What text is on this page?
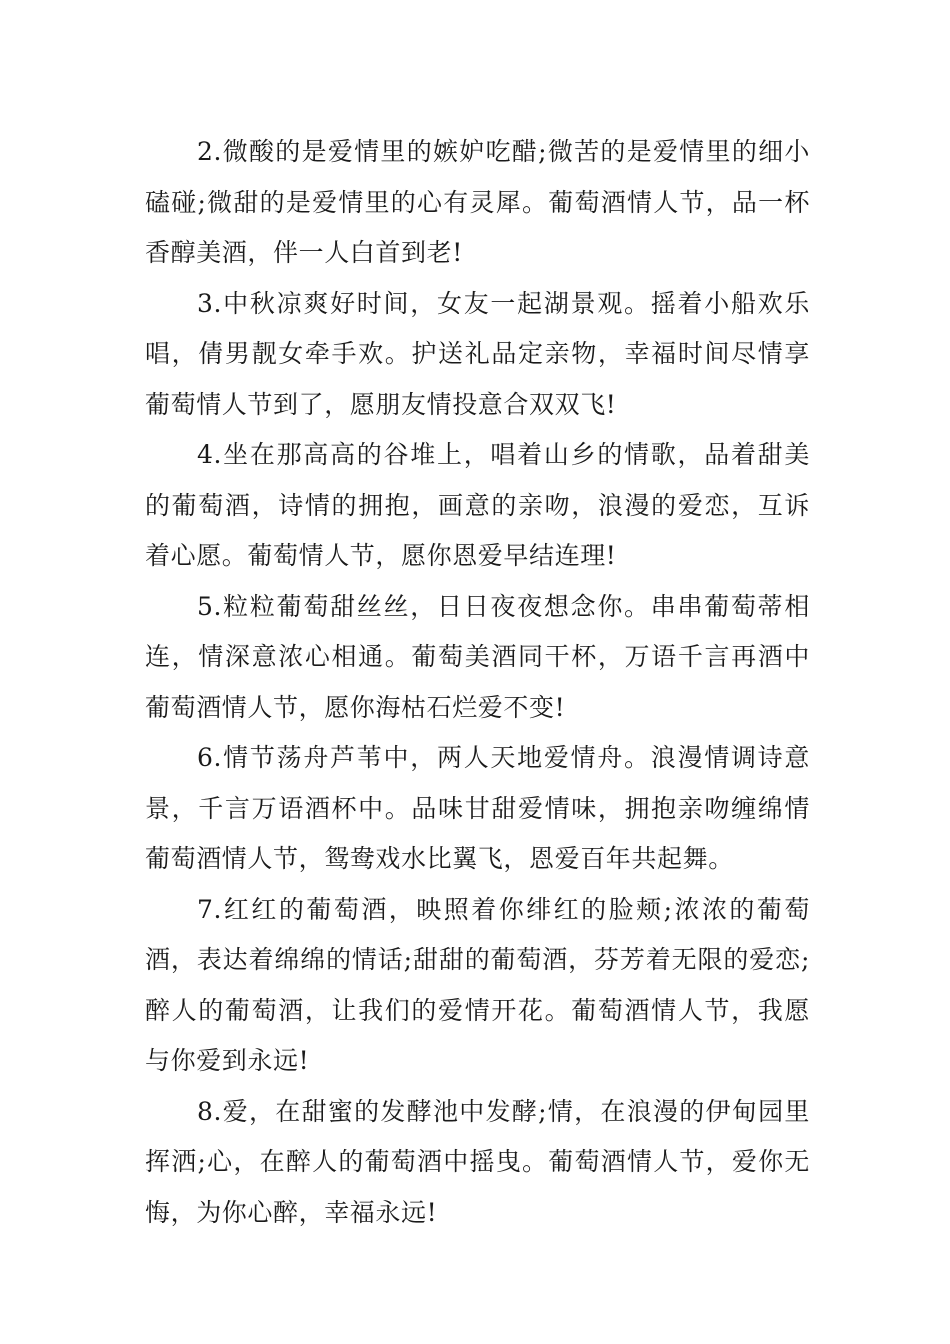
2.微酸的是爱情里的嫉妒吃醋;微苦的是爱情里的细小磕碰;微甜的是爱情里的心有灵犀。葡萄酒情人节，品一杯香醇美酒，伴一人白首到老!

3.中秋凉爽好时间，女友一起湖景观。摇着小船欢乐唱，倩男靓女牵手欢。护送礼品定亲物，幸福时间尽情享葡萄情人节到了，愿朋友情投意合双双飞!

4.坐在那高高的谷堆上，唱着山乡的情歌，品着甜美的葡萄酒，诗情的拥抱，画意的亲吻，浪漫的爱恋，互诉着心愿。葡萄情人节，愿你恩爱早结连理!

5.粒粒葡萄甜丝丝，日日夜夜想念你。串串葡萄蒂相连，情深意浓心相通。葡萄美酒同干杯，万语千言再酒中葡萄酒情人节，愿你海枯石烂爱不变!

6.情节荡舟芦苇中，两人天地爱情舟。浪漫情调诗意景，千言万语酒杯中。品味甘甜爱情味，拥抱亲吻缠绵情葡萄酒情人节，鸳鸯戏水比翼飞，恩爱百年共起舞。

7.红红的葡萄酒，映照着你绯红的脸颊;浓浓的葡萄酒，表达着绵绵的情话;甜甜的葡萄酒，芬芳着无限的爱恋;醉人的葡萄酒，让我们的爱情开花。葡萄酒情人节，我愿与你爱到永远!

8.爱，在甜蜜的发酵池中发酵;情，在浪漫的伊甸园里挥洒;心，在醉人的葡萄酒中摇曳。葡萄酒情人节，爱你无悔，为你心醉，幸福永远!
